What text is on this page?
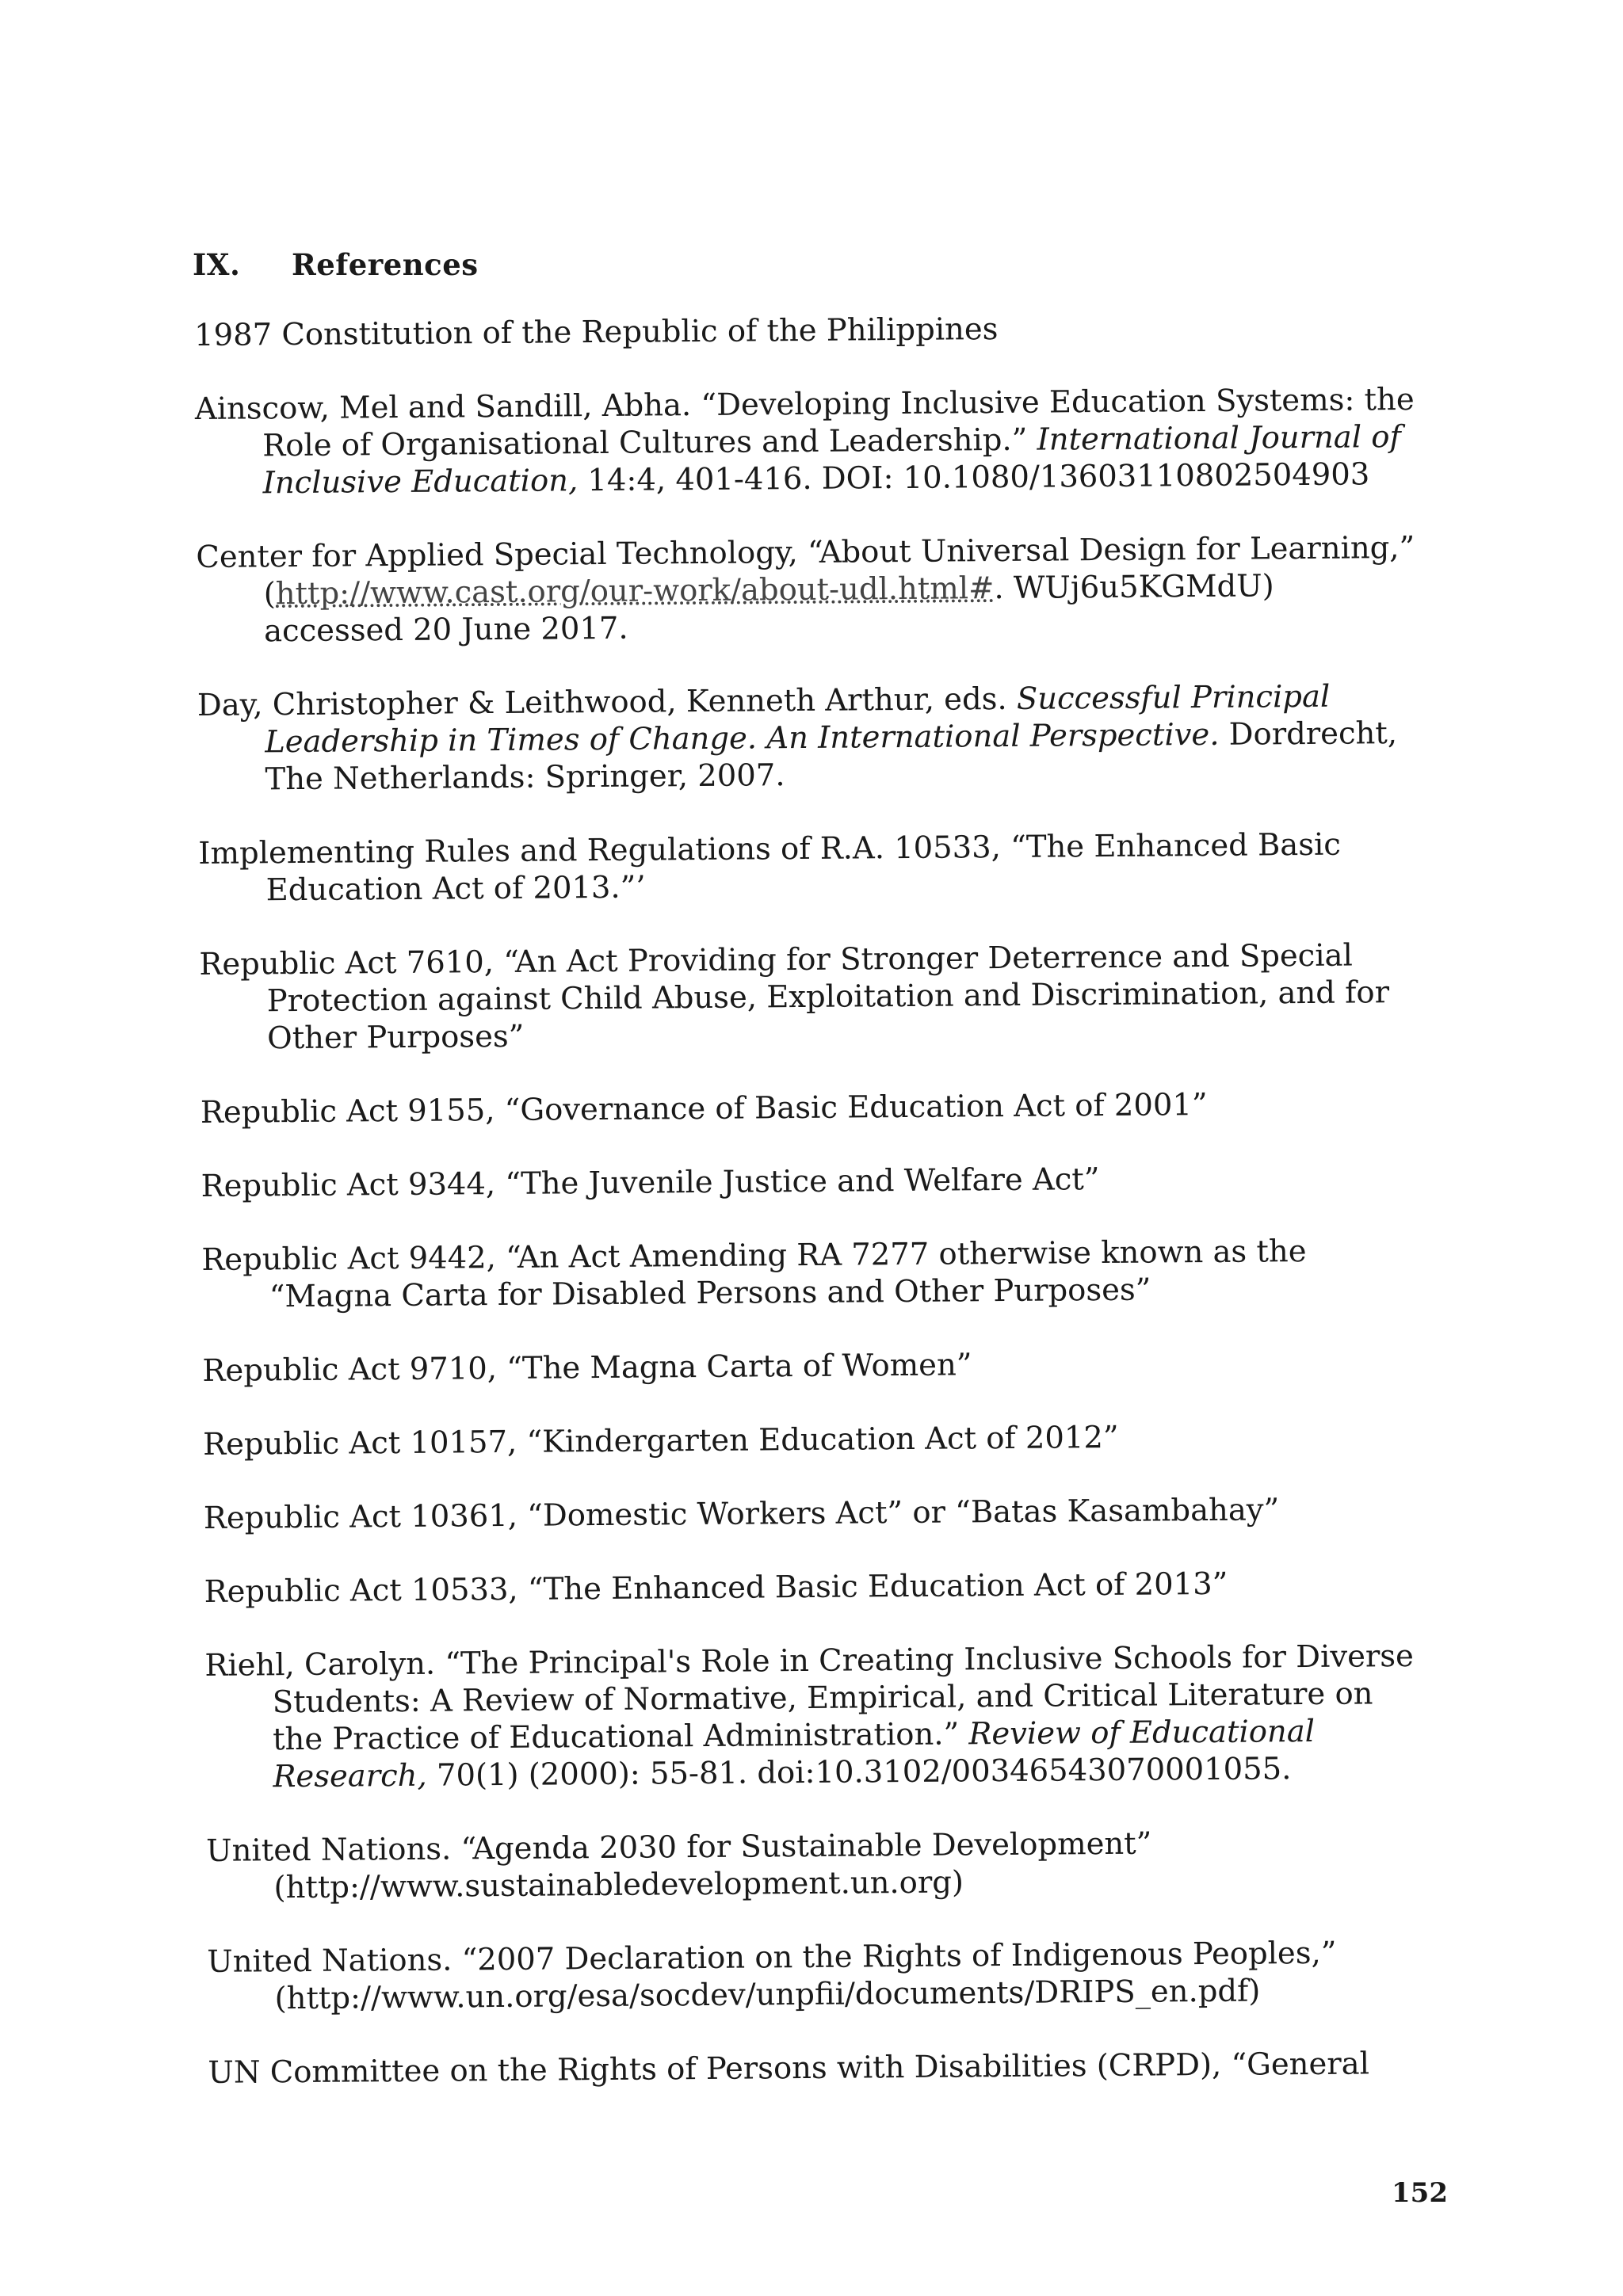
IX. References

1987 Constitution of the Republic of the Philippines

Ainscow, Mel and Sandill, Abha. “Developing Inclusive Education Systems: the Role of Organisational Cultures and Leadership.” International Journal of Inclusive Education, 14:4, 401-416. DOI: 10.1080/13603110802504903

Center for Applied Special Technology, “About Universal Design for Learning,” (http://www.cast.org/our-work/about-udl.html#. WUj6u5KGMdU) accessed 20 June 2017.

Day, Christopher & Leithwood, Kenneth Arthur, eds. Successful Principal Leadership in Times of Change. An International Perspective. Dordrecht, The Netherlands: Springer, 2007.

Implementing Rules and Regulations of R.A. 10533, “The Enhanced Basic Education Act of 2013.”’

Republic Act 7610, “An Act Providing for Stronger Deterrence and Special Protection against Child Abuse, Exploitation and Discrimination, and for Other Purposes”

Republic Act 9155, “Governance of Basic Education Act of 2001”

Republic Act 9344, “The Juvenile Justice and Welfare Act”

Republic Act 9442, “An Act Amending RA 7277 otherwise known as the “Magna Carta for Disabled Persons and Other Purposes”

Republic Act 9710, “The Magna Carta of Women”

Republic Act 10157, “Kindergarten Education Act of 2012”

Republic Act 10361, “Domestic Workers Act” or “Batas Kasambahay”

Republic Act 10533, “The Enhanced Basic Education Act of 2013”

Riehl, Carolyn. “The Principal's Role in Creating Inclusive Schools for Diverse Students: A Review of Normative, Empirical, and Critical Literature on the Practice of Educational Administration.” Review of Educational Research, 70(1) (2000): 55-81. doi:10.3102/00346543070001055.

United Nations. “Agenda 2030 for Sustainable Development” (http://www.sustainabledevelopment.un.org)

United Nations. “2007 Declaration on the Rights of Indigenous Peoples,” (http://www.un.org/esa/socdev/unpfii/documents/DRIPS_en.pdf)

UN Committee on the Rights of Persons with Disabilities (CRPD), “General

152
